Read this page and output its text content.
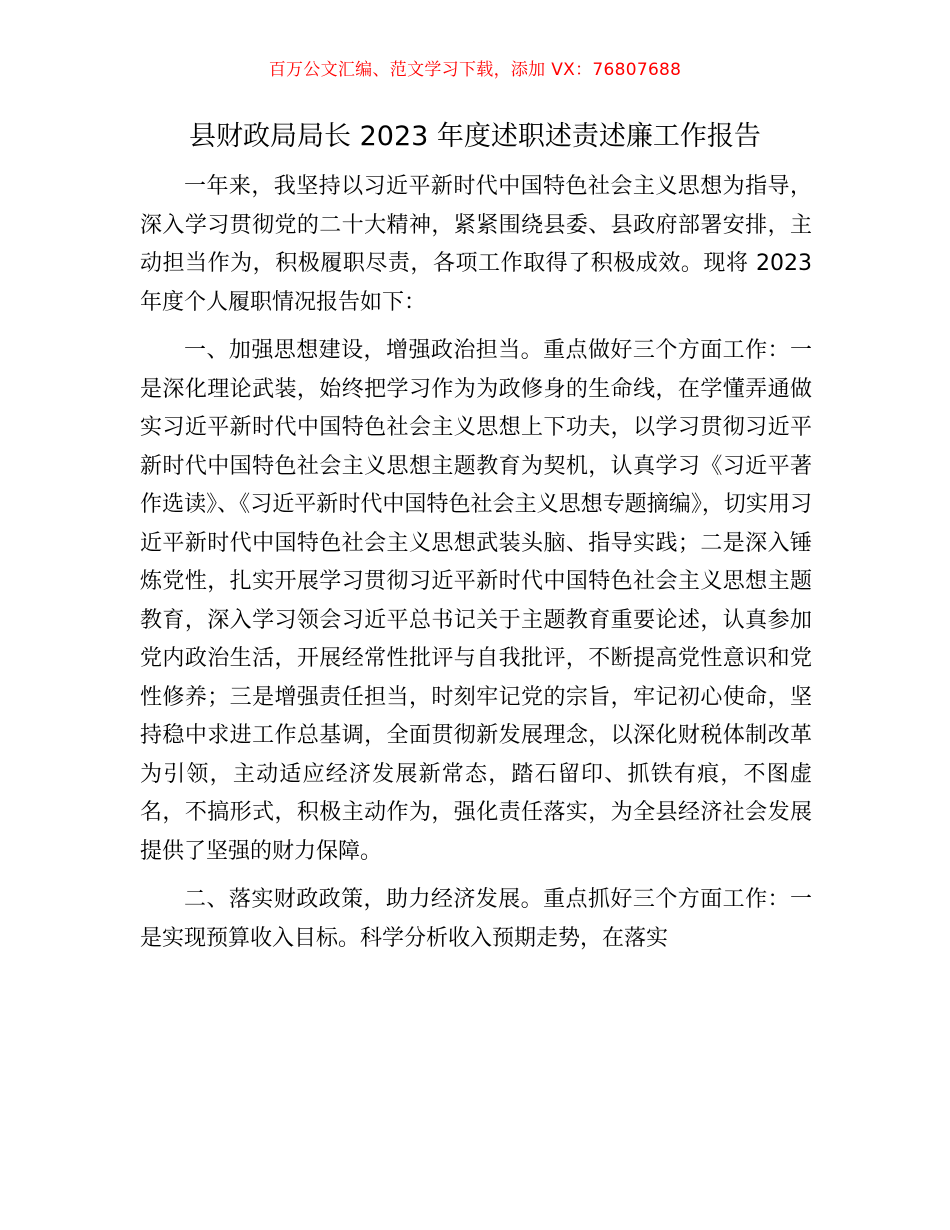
百万公文汇编、范文学习下载，添加 VX：76807688
县财政局局长 2023 年度述职述责述廉工作报告

一年来，我坚持以习近平新时代中国特色社会主义思想为指导，深入学习贯彻党的二十大精神，紧紧围绕县委、县政府部署安排，主动担当作为，积极履职尽责，各项工作取得了积极成效。现将 2023 年度个人履职情况报告如下：

一、加强思想建设，增强政治担当。重点做好三个方面工作：一是深化理论武装，始终把学习作为为政修身的生命线，在学懂弄通做实习近平新时代中国特色社会主义思想上下功夫，以学习贯彻习近平新时代中国特色社会主义思想主题教育为契机，认真学习《习近平著作选读》、《习近平新时代中国特色社会主义思想专题摘编》，切实用习近平新时代中国特色社会主义思想武装头脑、指导实践；二是深入锤炼党性，扎实开展学习贯彻习近平新时代中国特色社会主义思想主题教育，深入学习领会习近平总书记关于主题教育重要论述，认真参加党内政治生活，开展经常性批评与自我批评，不断提高党性意识和党性修养；三是增强责任担当，时刻牢记党的宗旨，牢记初心使命，坚持稳中求进工作总基调，全面贯彻新发展理念，以深化财税体制改革为引领，主动适应经济发展新常态，踏石留印、抓铁有痕，不图虚名，不搞形式，积极主动作为，强化责任落实，为全县经济社会发展提供了坚强的财力保障。

二、落实财政政策，助力经济发展。重点抓好三个方面工作：一是实现预算收入目标。科学分析收入预期走势，在落实
